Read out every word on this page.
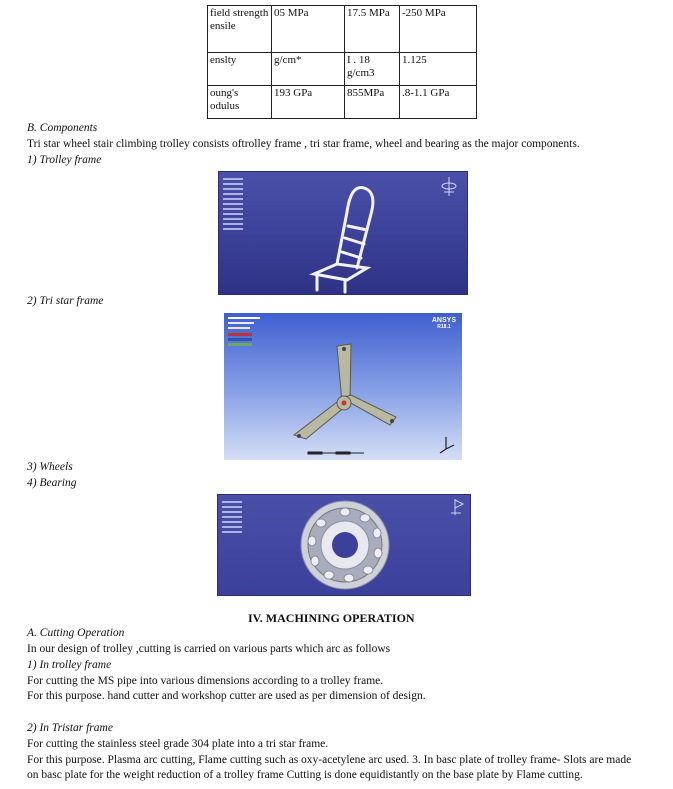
field strength ensile	05 MPa	17.5 MPa	-250 MPa
enslty	g/cm*	I . 18 g/cm3	1.125
oung's odulus	193 GPa	855MPa	.8-1.1 GPa
B. Components
Tri star wheel stair climbing trolley consists oftrolley frame , tri star frame, wheel and bearing as the major components.
1) Trolley frame
2) Tri star frame
ANSYS
R18.1
3) Wheels
4) Bearing
IV. MACHINING OPERATION
A. Cutting Operation
In our design of trolley ,cutting is carried on various parts which arc as follows
1) In trolley frame
For cutting the MS pipe into various dimensions according to a trolley frame.
For this purpose. hand cutter and workshop cutter are used as per dimension of design.
2) In Tristar frame
For cutting the stainless steel grade 304 plate into a tri star frame.
For this purpose. Plasma arc cutting, Flame cutting such as oxy-acetylene arc used. 3. In basc plate of trolley frame- Slots are made
on basc plate for the weight reduction of a trolley frame Cutting is done equidistantly on the base plate by Flame cutting.
